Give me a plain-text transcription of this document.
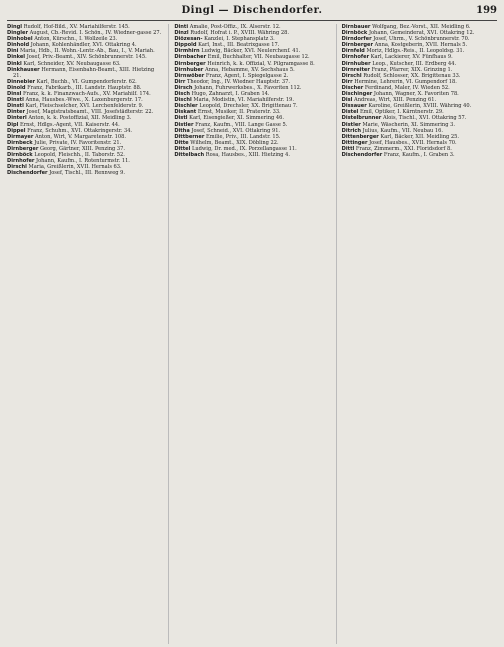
Dingl — Dischendorfer.	199
Dingl Rudolf, Hof-Bild., XV. Mariahilferstr. 145.
Dingler August, Cb.-Revid. I. Schön., IV. Wiedner-gasse 27.
Dinhobel Anton, Kürschn., I. Wollzeile 23.
Dinhold Johann, Kohlenhändler, XVI. Ottakring 4.
Dini Maria, Hdb., II. Wohn.-Lentr.-Ab., Bau, I., V. Mariah.
Dinkel Josef, Priv.-Beamt., XIV. Schönbrunnerstr. 145.
Dinkl Karl, Schneider, XV. Neubaugasse 63.
Dinkhauser Hermann, Eisenbahn-Beamt., XIII. Hietzing 21.
Dinnebier Karl, Buchb., VI. Gumpendorferstr. 62.
Dinold Franz, Fabrikarb., III. Landstr. Hauptstr. 88.
Dinsl Franz, k. k. Finanzwach-Aufs., XV. Mariahilf. 174.
Dinstl Anna, Hausbes.-Wwe., X. Laxenburgerstr. 17.
Dinstl Karl, Fleischselcher, XVI. Lerchenfelderstr. 9.
Dinter Josef, Magistratsbeamt., VIII. Josefstädterstr. 22.
Dinterl Anton, k. k. Postoffizial, XII. Meidling 3.
Dipl Ernst, Hdlgs.-Agent, VII. Kaiserstr. 44.
Dippel Franz, Schuhm., XVI. Ottakringerstr. 34.
Dirmayer Anton, Wirt, V. Margaretenstr. 108.
Dirnbeck Julie, Private, IV. Favoritenstr. 21.
Dirnberger Georg, Gärtner, XIII. Penzing 37.
Dirnböck Leopold, Fleischh., II. Taborstr. 52.
Dirnhofer Johann, Kaufm., I. Rotenturmstr. 11.
Dirschl Maria, Greißlerin, XVII. Hernals 63.
Dischendorfer Josef, Tischl., III. Rennweg 9.
Dinti Amalie, Post-Offiz., IX. Alserstr. 12.
Dinzl Rudolf, Hofrat i. P., XVIII. Währing 28.
Diözesan- Kanzlei, I. Stephansplatz 3.
Dippold Karl, Inst., III. Beatrixgasse 17.
Dirmhirn Ludwig, Bäcker, XVI. Neulerchenf. 41.
Dirnbacher Emil, Buchhalter, VII. Neubaugasse 12.
Dirnberger Heinrich, k. k. Offizial, V. Pilgramgasse 8.
Dirnhuber Anna, Hebamme, XV. Sechshaus 5.
Dirnwöber Franz, Agent, I. Spiegelgasse 2.
Dirr Theodor, Ing., IV. Wiedner Hauptstr. 37.
Dirsch Johann, Fuhrwerksbes., X. Favoriten 112.
Disch Hugo, Zahnarzt, I. Graben 14.
Dischl Maria, Modistin, VI. Mariahilferstr. 19.
Dischler Leopold, Drechsler, XX. Brigittenau 7.
Diskant Ernst, Musiker, II. Praterstr. 33.
Distl Karl, Eisengießer, XI. Simmering 46.
Distler Franz, Kaufm., VIII. Lange Gasse 5.
Ditha Josef, Schneid., XVI. Ottakring 91.
Dittberner Emilie, Priv., III. Landstr. 15.
Ditte Wilhelm, Beamt., XIX. Döbling 22.
Dittel Ludwig, Dr. med., IX. Porzellangasse 11.
Dittelbach Rosa, Hausbes., XIII. Hietzing 4.
Dirnbauer Wolfgang, Bez.-Vorst., XII. Meidling 6.
Dirnböck Johann, Gemeinderat, XVI. Ottakring 12.
Dirndorfer Josef, Uhrm., V. Schönbrunnerstr. 70.
Dirnberger Anna, Kostgeberin, XVII. Hernals 5.
Dirnfeld Moriz, Hdlgs.-Reis., II. Leopoldsg. 31.
Dirnhofer Karl, Lackierer, XV. Fünfhaus 9.
Dirnhuber Leop., Kutscher, III. Erdberg 44.
Dirnreiter Franz, Pfarrer, XIX. Grinzing 1.
Dirschl Rudolf, Schlosser, XX. Brigittenau 33.
Dirr Hermine, Lehrerin, VI. Gumpendorf 18.
Discher Ferdinand, Maler, IV. Wieden 52.
Dischinger Johann, Wagner, X. Favoriten 78.
Disl Andreas, Wirt, XIII. Penzing 61.
Dissauer Karoline, Greißlerin, XVIII. Währing 40.
Distel Emil, Optiker, I. Kärntnerstr. 29.
Distelbrunner Alois, Tischl., XVI. Ottakring 57.
Distler Marie, Wäscherin, XI. Simmering 3.
Ditrich Julius, Kaufm., VII. Neubau 16.
Dittenberger Karl, Bäcker, XII. Meidling 25.
Dittinger Josef, Hausbes., XVII. Hernals 70.
Dittl Franz, Zimmerm., XXI. Floridsdorf 8.
Dischendorfer Franz, Kaufm., I. Graben 3.
